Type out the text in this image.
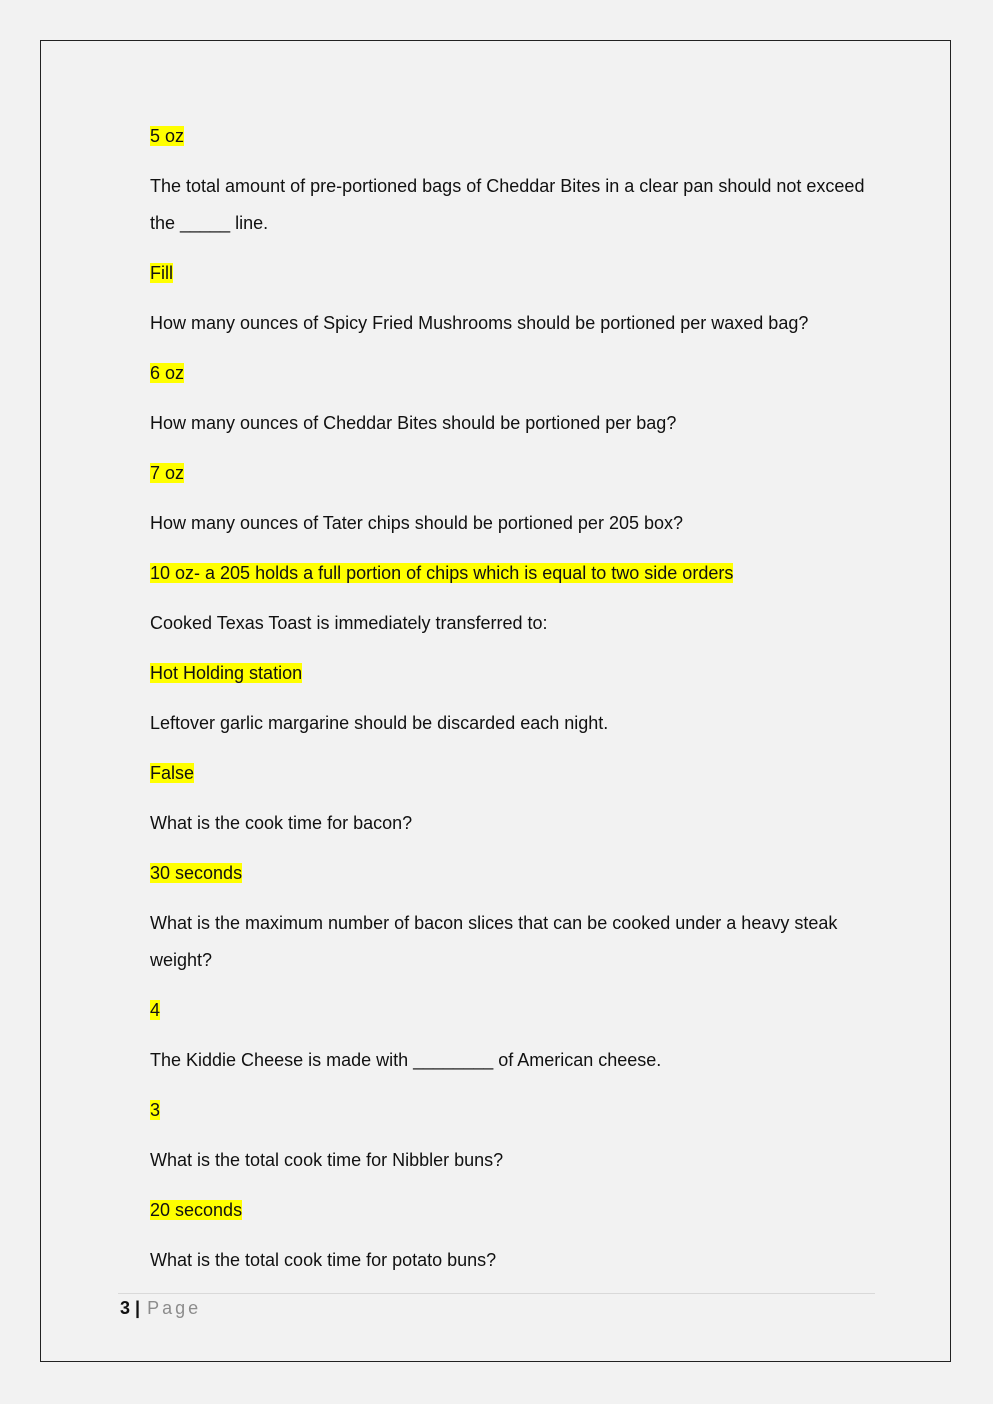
5 oz

The total amount of pre-portioned bags of Cheddar Bites in a clear pan should not exceed the _____ line.

Fill

How many ounces of Spicy Fried Mushrooms should be portioned per waxed bag?

6 oz

How many ounces of Cheddar Bites should be portioned per bag?

7 oz

How many ounces of Tater chips should be portioned per 205 box?

10 oz- a 205 holds a full portion of chips which is equal to two side orders

Cooked Texas Toast is immediately transferred to:

Hot Holding station

Leftover garlic margarine should be discarded each night.

False

What is the cook time for bacon?

30 seconds

What is the maximum number of bacon slices that can be cooked under a heavy steak weight?

4

The Kiddie Cheese is made with ________ of American cheese.

3

What is the total cook time for Nibbler buns?

20 seconds

What is the total cook time for potato buns?

3 | Page
